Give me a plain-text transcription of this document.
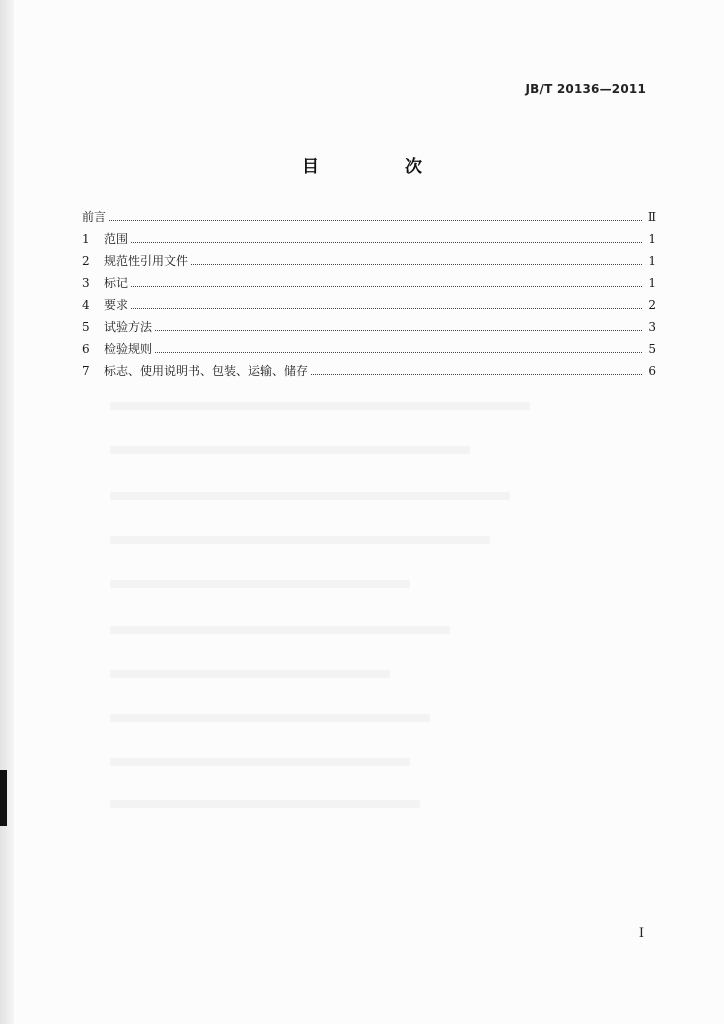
JB/T 20136—2011
目 次
前言	Ⅱ
1	范围	1
2	规范性引用文件	1
3	标记	1
4	要求	2
5	试验方法	3
6	检验规则	5
7	标志、使用说明书、包装、运输、储存	6
I
